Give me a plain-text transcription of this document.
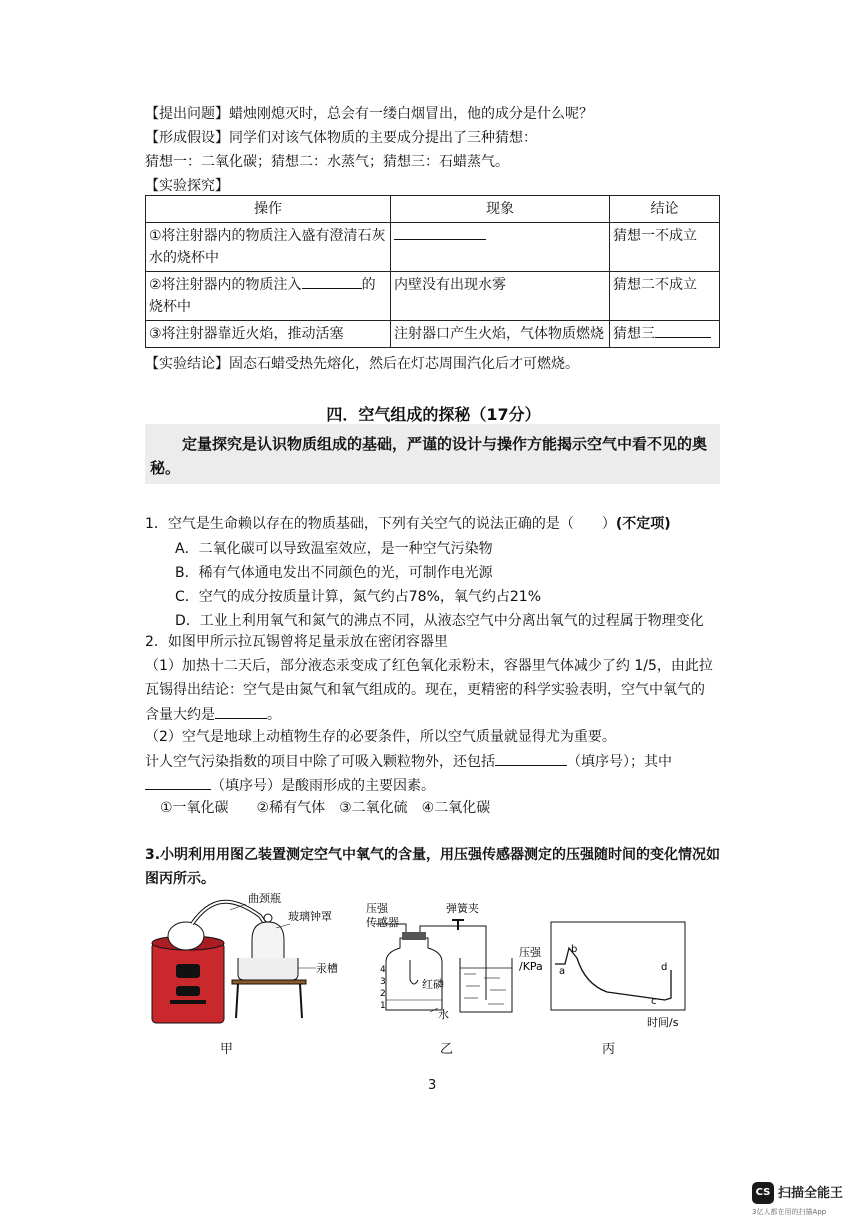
【提出问题】蜡烛刚熄灭时，总会有一缕白烟冒出，他的成分是什么呢？
【形成假设】同学们对该气体物质的主要成分提出了三种猜想：
猜想一：二氧化碳；猜想二：水蒸气；猜想三：石蜡蒸气。
【实验探究】
操作	现象	结论
①将注射器内的物质注入盛有澄清石灰水的烧杯中		猜想一不成立
②将注射器内的物质注入 的烧杯中	内壁没有出现水雾	猜想二不成立
③将注射器靠近火焰，推动活塞	注射器口产生火焰，气体物质燃烧	猜想三
【实验结论】固态石蜡受热先熔化，然后在灯芯周围汽化后才可燃烧。
四．空气组成的探秘（17分）
定量探究是认识物质组成的基础，严谨的设计与操作方能揭示空气中看不见的奥秘。
1．空气是生命赖以存在的物质基础，下列有关空气的说法正确的是（　　）(不定项)
A．二氧化碳可以导致温室效应，是一种空气污染物
B．稀有气体通电发出不同颜色的光，可制作电光源
C．空气的成分按质量计算，氮气约占78%，氧气约占21%
D．工业上利用氧气和氮气的沸点不同，从液态空气中分离出氧气的过程属于物理变化
2．如图甲所示拉瓦锡曾将足量汞放在密闭容器里
（1）加热十二天后，部分液态汞变成了红色氧化汞粉末，容器里气体减少了约 1/5，由此拉
瓦锡得出结论：空气是由氮气和氧气组成的。现在，更精密的科学实验表明，空气中氧气的
含量大约是	。
（2）空气是地球上动植物生存的必要条件，所以空气质量就显得尤为重要。
计人空气污染指数的项目中除了可吸入颗粒物外，还包括	（填序号）；其中
（填序号）是酸雨形成的主要因素。
①一氧化碳　　②稀有气体　③二氧化硫　④二氧化碳
3.小明利用用图乙装置测定空气中氧气的含量，用压强传感器测定的压强随时间的变化情况如
图丙所示。
曲颈瓶
玻璃钟罩
汞槽
甲
压强
传感器
弹簧夹
4
3
2
1
红磷
水
乙
压强
/KPa a
b
c
d
时间/s
丙
3
CS 扫描全能王
3亿人都在用的扫描App
